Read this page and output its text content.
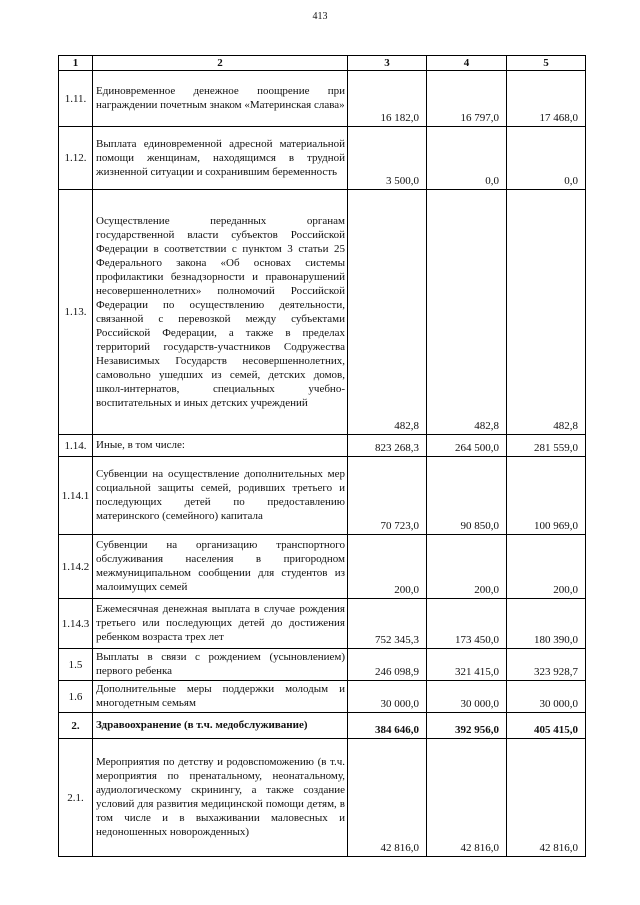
413
1	2	3	4	5
1.11.	Единовременное денежное поощрение при награждении почетным знаком «Материнская слава»	16 182,0	16 797,0	17 468,0
1.12.	Выплата единовременной адресной материальной помощи женщинам, находящимся в трудной жизненной ситуации и сохранившим беременность	3 500,0	0,0	0,0
1.13.	Осуществление переданных органам государственной власти субъектов Российской Федерации в соответствии с пунктом 3 статьи 25 Федерального закона «Об основах системы профилактики безнадзорности и правонарушений несовершеннолетних» полномочий Российской Федерации по осуществлению деятельности, связанной с перевозкой между субъектами Российской Федерации, а также в пределах территорий государств-участников Содружества Независимых Государств несовершеннолетних, самовольно ушедших из семей, детских домов, школ-интернатов, специальных учебно-воспитательных и иных детских учреждений	482,8	482,8	482,8
1.14.	Иные, в том числе:	823 268,3	264 500,0	281 559,0
1.14.1	Субвенции на осуществление дополнительных мер социальной защиты семей, родивших третьего и последующих детей по предоставлению материнского (семейного) капитала	70 723,0	90 850,0	100 969,0
1.14.2	Субвенции на организацию транспортного обслуживания населения в пригородном межмуниципальном сообщении для студентов из малоимущих семей	200,0	200,0	200,0
1.14.3	Ежемесячная денежная выплата в случае рождения третьего или последующих детей до достижения ребенком возраста трех лет	752 345,3	173 450,0	180 390,0
1.5	Выплаты в связи с рождением (усыновлением) первого ребенка	246 098,9	321 415,0	323 928,7
1.6	Дополнительные меры поддержки молодым и многодетным семьям	30 000,0	30 000,0	30 000,0
2.	Здравоохранение (в т.ч. медобслуживание)	384 646,0	392 956,0	405 415,0
2.1.	Мероприятия по детству и родовспоможению (в т.ч. мероприятия по пренатальному, неонатальному, аудиологическому скринингу, а также создание условий для развития медицинской помощи детям, в том числе и в выхаживании маловесных и недоношенных новорожденных)	42 816,0	42 816,0	42 816,0
